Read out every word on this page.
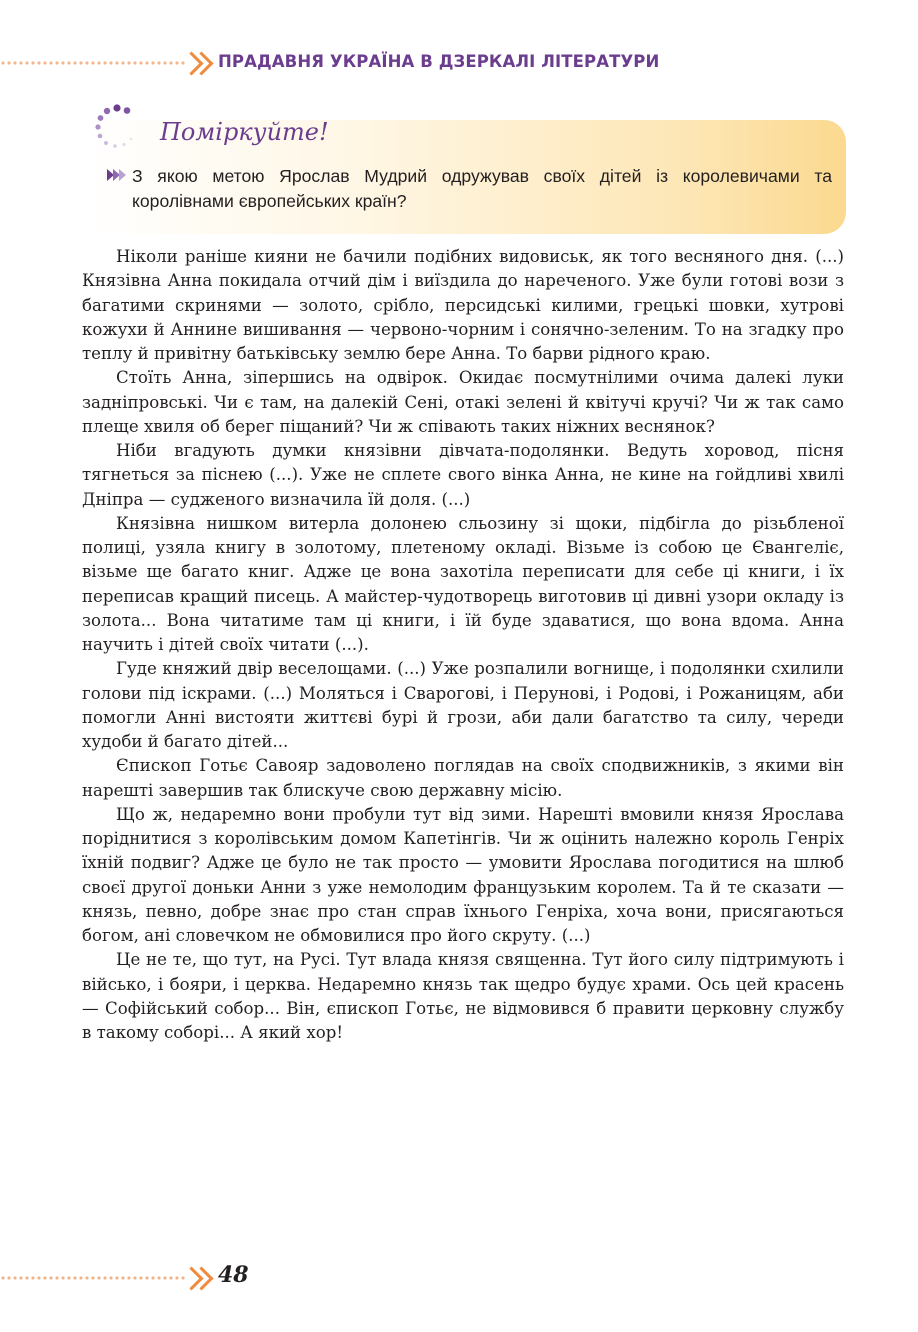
ПРАДАВНЯ УКРАЇНА В ДЗЕРКАЛІ ЛІТЕРАТУРИ
Поміркуйте!
З якою метою Ярослав Мудрий одружував своїх дітей із королевичами та королівнами європейських країн?

Ніколи раніше кияни не бачили подібних видовиськ, як того весняного дня. (...) Князівна Анна покидала отчий дім і виїздила до нареченого. Уже були готові вози з багатими скринями — золото, срібло, персидські килими, грецькі шовки, хутрові кожухи й Аннине вишивання — червоно-чорним і сонячно-зеленим. То на згадку про теплу й привітну батьківську землю бере Анна. То барви рідного краю.

Стоїть Анна, зіпершись на одвірок. Окидає посмутнілими очима далекі луки задніпровські. Чи є там, на далекій Сені, отакі зелені й квітучі кручі? Чи ж так само плеще хвиля об берег піщаний? Чи ж співають таких ніжних веснянок?

Ніби вгадують думки князівни дівчата-подолянки. Ведуть хоровод, пісня тягнеться за піснею (...). Уже не сплете свого вінка Анна, не кине на гойдливі хвилі Дніпра — судженого визначила їй доля. (...)

Князівна нишком витерла долонею сльозину зі щоки, підбігла до різьбленої полиці, узяла книгу в золотому, плетеному окладі. Візьме із собою це Євангеліє, візьме ще багато книг. Адже це вона захотіла переписати для себе ці книги, і їх переписав кращий писець. А майстер-чудотворець виготовив ці дивні узори окладу із золота... Вона читатиме там ці книги, і їй буде здаватися, що вона вдома. Анна научить і дітей своїх читати (...).

Гуде княжий двір веселощами. (...) Уже розпалили вогнище, і подолянки схилили голови під іскрами. (...) Моляться і Сварогові, і Перунові, і Родові, і Рожаницям, аби помогли Анні вистояти життєві бурі й грози, аби дали багатство та силу, череди худоби й багато дітей...

Єпископ Готьє Савояр задоволено поглядав на своїх сподвижників, з якими він нарешті завершив так блискуче свою державну місію.

Що ж, недаремно вони пробули тут від зими. Нарешті вмовили князя Ярослава поріднитися з королівським домом Капетінгів. Чи ж оцінить належно король Генріх їхній подвиг? Адже це було не так просто — умовити Ярослава погодитися на шлюб своєї другої доньки Анни з уже немолодим французьким королем. Та й те сказати — князь, певно, добре знає про стан справ їхнього Генріха, хоча вони, присягаються богом, ані словечком не обмовилися про його скруту. (...)

Це не те, що тут, на Русі. Тут влада князя священна. Тут його силу підтримують і військо, і бояри, і церква. Недаремно князь так щедро будує храми. Ось цей красень — Софійський собор... Він, єпископ Готьє, не відмовився б правити церковну службу в такому соборі... А який хор!

48
